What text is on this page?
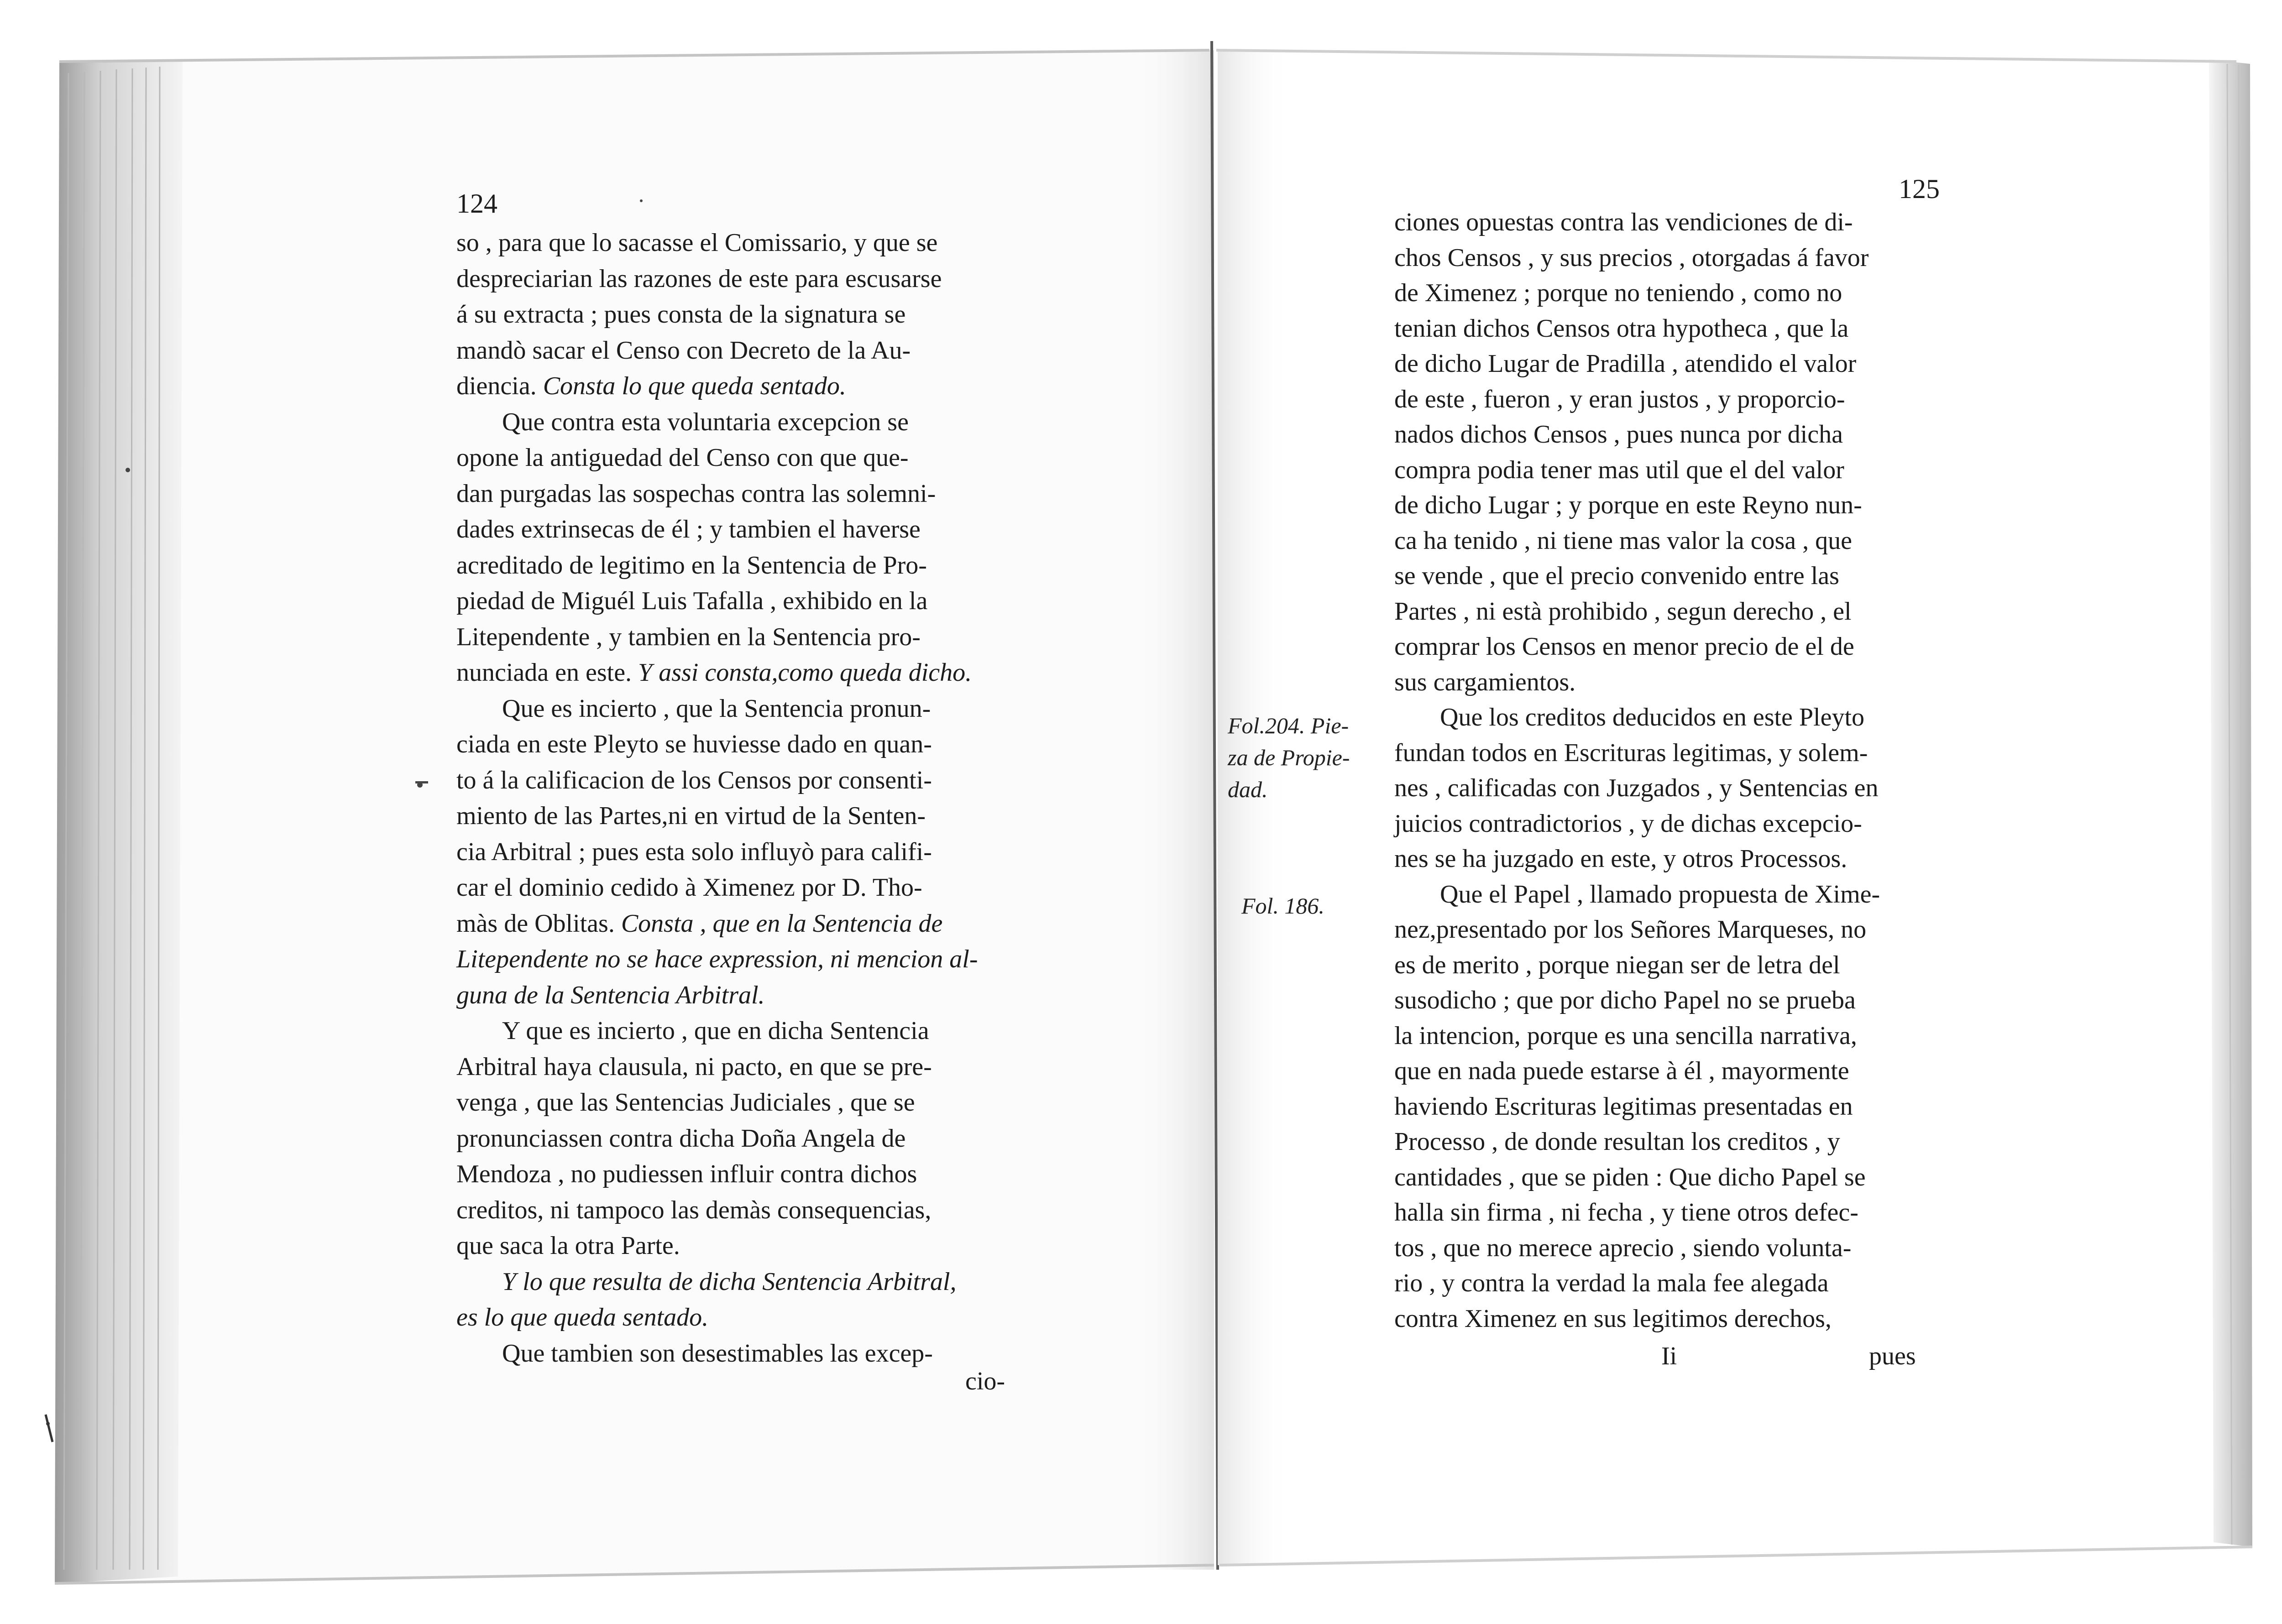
124
so , para que lo sacasse el Comissario, y que se
despreciarian las razones de este para escusarse
á su extracta ; pues consta de la signatura se
mandò sacar el Censo con Decreto de la Au-
diencia. Consta lo que queda sentado.
Que contra esta voluntaria excepcion se
opone la antiguedad del Censo con que que-
dan purgadas las sospechas contra las solemni-
dades extrinsecas de él ; y tambien el haverse
acreditado de legitimo en la Sentencia de Pro-
piedad de Miguél Luis Tafalla , exhibido en la
Litependente , y tambien en la Sentencia pro-
nunciada en este. Y assi consta,como queda dicho.
Que es incierto , que la Sentencia pronun-
ciada en este Pleyto se huviesse dado en quan-
to á la calificacion de los Censos por consenti-
miento de las Partes,ni en virtud de la Senten-
cia Arbitral ; pues esta solo influyò para califi-
car el dominio cedido à Ximenez por D. Tho-
màs de Oblitas. Consta , que en la Sentencia de
Litependente no se hace expression, ni mencion al-
guna de la Sentencia Arbitral.
Y que es incierto , que en dicha Sentencia
Arbitral haya clausula, ni pacto, en que se pre-
venga , que las Sentencias Judiciales , que se
pronunciassen contra dicha Doña Angela de
Mendoza , no pudiessen influir contra dichos
creditos, ni tampoco las demàs consequencias,
que saca la otra Parte.
Y lo que resulta de dicha Sentencia Arbitral,
es lo que queda sentado.
Que tambien son desestimables las excep-
cio-
125
ciones opuestas contra las vendiciones de di-
chos Censos , y sus precios , otorgadas á favor
de Ximenez ; porque no teniendo , como no
tenian dichos Censos otra hypotheca , que la
de dicho Lugar de Pradilla , atendido el valor
de este , fueron , y eran justos , y proporcio-
nados dichos Censos , pues nunca por dicha
compra podia tener mas util que el del valor
de dicho Lugar ; y porque en este Reyno nun-
ca ha tenido , ni tiene mas valor la cosa , que
se vende , que el precio convenido entre las
Partes , ni està prohibido , segun derecho , el
comprar los Censos en menor precio de el de
sus cargamientos.
Que los creditos deducidos en este Pleyto
fundan todos en Escrituras legitimas, y solem-
nes , calificadas con Juzgados , y Sentencias en
juicios contradictorios , y de dichas excepcio-
nes se ha juzgado en este, y otros Processos.
Que el Papel , llamado propuesta de Xime-
nez,presentado por los Señores Marqueses, no
es de merito , porque niegan ser de letra del
susodicho ; que por dicho Papel no se prueba
la intencion, porque es una sencilla narrativa,
que en nada puede estarse à él , mayormente
haviendo Escrituras legitimas presentadas en
Processo , de donde resultan los creditos , y
cantidades , que se piden : Que dicho Papel se
halla sin firma , ni fecha , y tiene otros defec-
tos , que no merece aprecio , siendo volunta-
rio , y contra la verdad la mala fee alegada
contra Ximenez en sus legitimos derechos,
Fol.204. Pie-
za de Propie-
dad.
Fol. 186.
Ii	pues
